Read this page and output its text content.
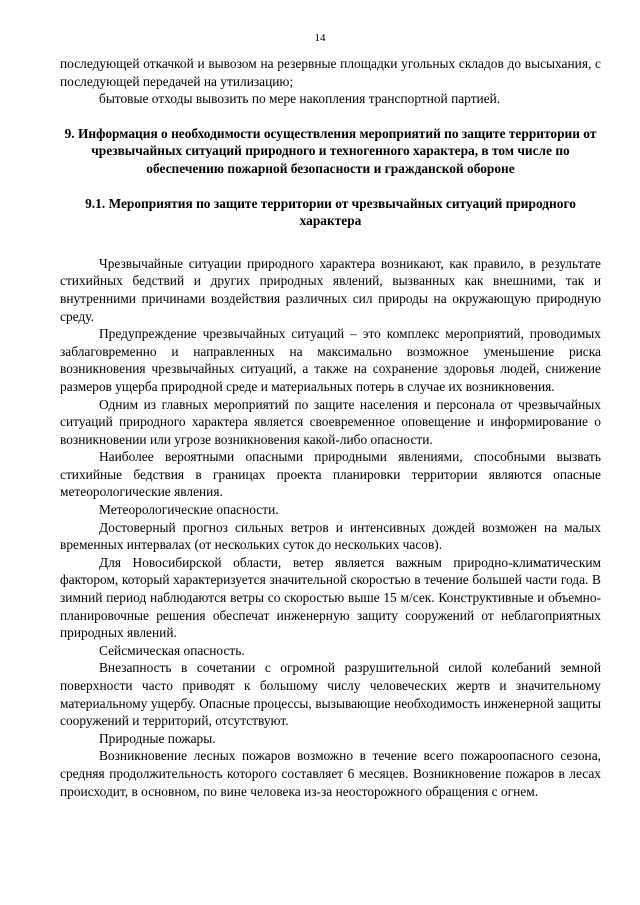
14

последующей откачкой и вывозом на резервные площадки угольных складов до высыхания, с последующей передачей на утилизацию;

бытовые отходы вывозить по мере накопления транспортной партией.

9. Информация о необходимости осуществления мероприятий по защите территории от чрезвычайных ситуаций природного и техногенного характера, в том числе по обеспечению пожарной безопасности и гражданской обороне
9.1. Мероприятия по защите территории от чрезвычайных ситуаций природного характера

Чрезвычайные ситуации природного характера возникают, как правило, в результате стихийных бедствий и других природных явлений, вызванных как внешними, так и внутренними причинами воздействия различных сил природы на окружающую природную среду.

Предупреждение чрезвычайных ситуаций – это комплекс мероприятий, проводимых заблаговременно и направленных на максимально возможное уменьшение риска возникновения чрезвычайных ситуаций, а также на сохранение здоровья людей, снижение размеров ущерба природной среде и материальных потерь в случае их возникновения.

Одним из главных мероприятий по защите населения и персонала от чрезвычайных ситуаций природного характера является своевременное оповещение и информирование о возникновении или угрозе возникновения какой-либо опасности.

Наиболее вероятными опасными природными явлениями, способными вызвать стихийные бедствия в границах проекта планировки территории являются опасные метеорологические явления.

Метеорологические опасности.

Достоверный прогноз сильных ветров и интенсивных дождей возможен на малых временных интервалах (от нескольких суток до нескольких часов).

Для Новосибирской области, ветер является важным природно-климатическим фактором, который характеризуется значительной скоростью в течение большей части года. В зимний период наблюдаются ветры со скоростью выше 15 м/сек. Конструктивные и объемно-планировочные решения обеспечат инженерную защиту сооружений от неблагоприятных природных явлений.

Сейсмическая опасность.

Внезапность в сочетании с огромной разрушительной силой колебаний земной поверхности часто приводят к большому числу человеческих жертв и значительному материальному ущербу. Опасные процессы, вызывающие необходимость инженерной защиты сооружений и территорий, отсутствуют.

Природные пожары.

Возникновение лесных пожаров возможно в течение всего пожароопасного сезона, средняя продолжительность которого составляет 6 месяцев. Возникновение пожаров в лесах происходит, в основном, по вине человека из-за неосторожного обращения с огнем.
